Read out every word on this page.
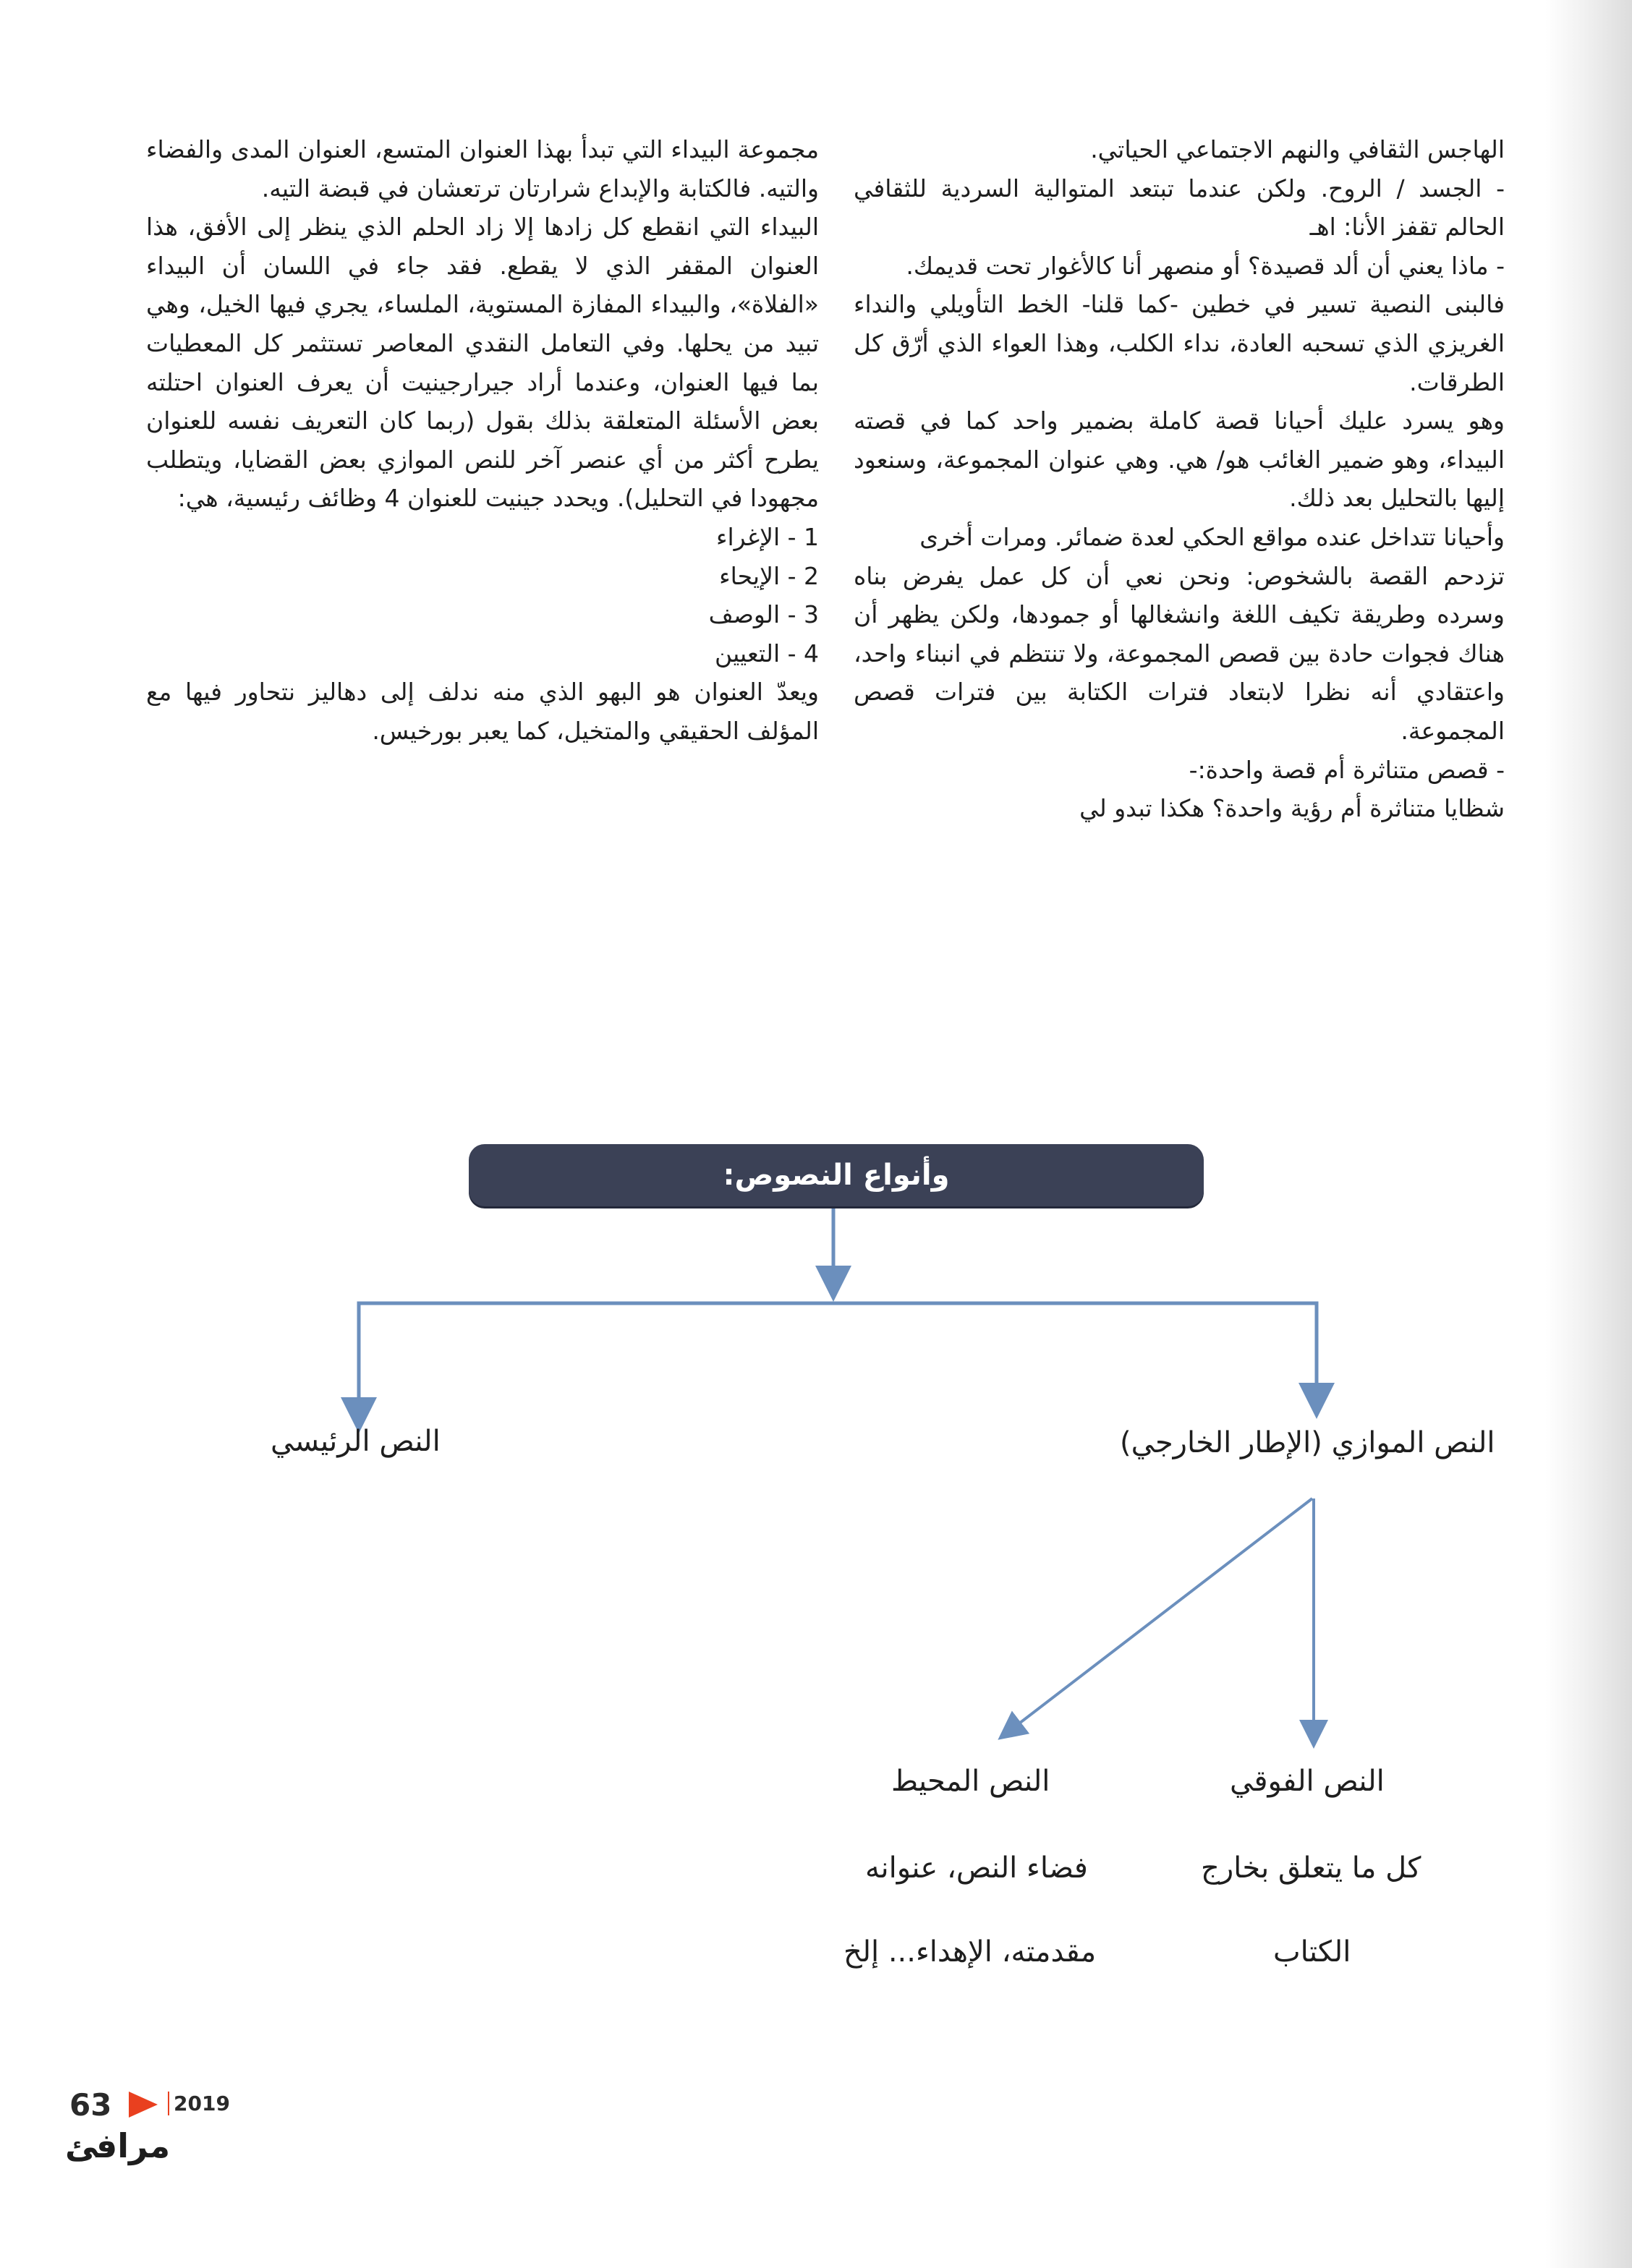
الهاجس الثقافي والنهم الاجتماعي الحياتي.

- الجسد / الروح. ولكن عندما تبتعد المتوالية السردية للثقافي الحالم تقفز الأنا: اهـ

- ماذا يعني أن ألد قصيدة؟ أو منصهر أنا كالأغوار تحت قديمك.

فالبنى النصية تسير في خطين -كما قلنا- الخط التأويلي والنداء الغريزي الذي تسحبه العادة، نداء الكلب، وهذا العواء الذي أرّق كل الطرقات.

وهو يسرد عليك أحيانا قصة كاملة بضمير واحد كما في قصته البيداء، وهو ضمير الغائب هو/ هي. وهي عنوان المجموعة، وسنعود إليها بالتحليل بعد ذلك.

وأحيانا تتداخل عنده مواقع الحكي لعدة ضمائر. ومرات أخرى

تزدحم القصة بالشخوص: ونحن نعي أن كل عمل يفرض بناه وسرده وطريقة تكيف اللغة وانشغالها أو جمودها، ولكن يظهر أن هناك فجوات حادة بين قصص المجموعة، ولا تنتظم في انبناء واحد، واعتقادي أنه نظرا لابتعاد فترات الكتابة بين فترات قصص المجموعة.

- قصص متناثرة أم قصة واحدة:-

شظايا متناثرة أم رؤية واحدة؟ هكذا تبدو لي

مجموعة البيداء التي تبدأ بهذا العنوان المتسع، العنوان المدى والفضاء والتيه. فالكتابة والإبداع شرارتان ترتعشان في قبضة التيه.

البيداء التي انقطع كل زادها إلا زاد الحلم الذي ينظر إلى الأفق، هذا العنوان المقفر الذي لا يقطع. فقد جاء في اللسان أن البيداء «الفلاة»، والبيداء المفازة المستوية، الملساء، يجري فيها الخيل، وهي تبيد من يحلها. وفي التعامل النقدي المعاصر تستثمر كل المعطيات بما فيها العنوان، وعندما أراد جيرارجينيت أن يعرف العنوان احتلته بعض الأسئلة المتعلقة بذلك بقول (ربما كان التعريف نفسه للعنوان يطرح أكثر من أي عنصر آخر للنص الموازي بعض القضايا، ويتطلب مجهودا في التحليل). ويحدد جينيت للعنوان 4 وظائف رئيسية، هي:

1 - الإغراء
2 - الإيحاء
3 - الوصف
4 - التعيين

ويعدّ العنوان هو البهو الذي منه ندلف إلى دهاليز نتحاور فيها مع المؤلف الحقيقي والمتخيل، كما يعبر بورخيس.

وأنواع النصوص:
النص الرئيسي	النص الموازي (الإطار الخارجي)
النص الفوقي
النص المحيط
كل ما يتعلق بخارج
الكتاب
فضاء النص، عنوانه
مقدمته، الإهداء... إلخ
63	2019
مرافئ
